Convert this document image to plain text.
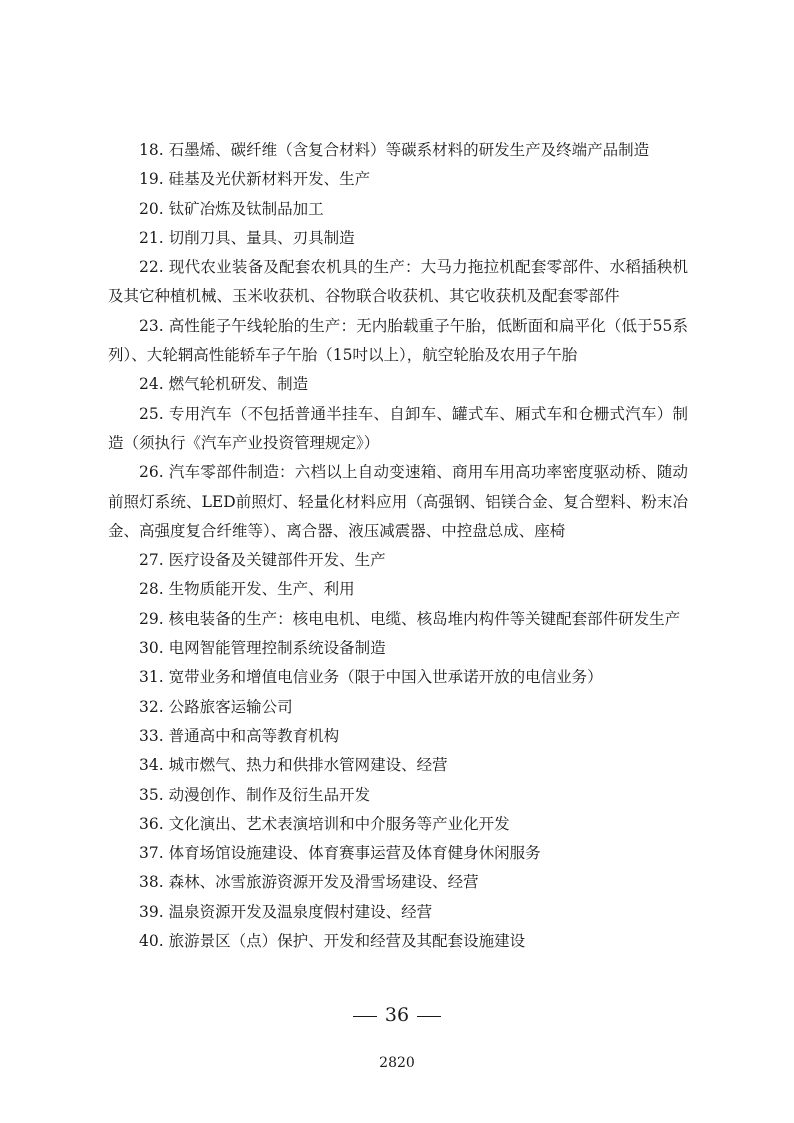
18. 石墨烯、碳纤维（含复合材料）等碳系材料的研发生产及终端产品制造

19. 硅基及光伏新材料开发、生产

20. 钛矿冶炼及钛制品加工

21. 切削刀具、量具、刃具制造

22. 现代农业装备及配套农机具的生产：大马力拖拉机配套零部件、水稻插秧机及其它种植机械、玉米收获机、谷物联合收获机、其它收获机及配套零部件

23. 高性能子午线轮胎的生产：无内胎载重子午胎，低断面和扁平化（低于55系列）、大轮辋高性能轿车子午胎（15吋以上），航空轮胎及农用子午胎

24. 燃气轮机研发、制造

25. 专用汽车（不包括普通半挂车、自卸车、罐式车、厢式车和仓栅式汽车）制造（须执行《汽车产业投资管理规定》）

26. 汽车零部件制造：六档以上自动变速箱、商用车用高功率密度驱动桥、随动前照灯系统、LED前照灯、轻量化材料应用（高强钢、铝镁合金、复合塑料、粉末冶金、高强度复合纤维等）、离合器、液压减震器、中控盘总成、座椅

27. 医疗设备及关键部件开发、生产

28. 生物质能开发、生产、利用

29. 核电装备的生产：核电电机、电缆、核岛堆内构件等关键配套部件研发生产

30. 电网智能管理控制系统设备制造

31. 宽带业务和增值电信业务（限于中国入世承诺开放的电信业务）

32. 公路旅客运输公司

33. 普通高中和高等教育机构

34. 城市燃气、热力和供排水管网建设、经营

35. 动漫创作、制作及衍生品开发

36. 文化演出、艺术表演培训和中介服务等产业化开发

37. 体育场馆设施建设、体育赛事运营及体育健身休闲服务

38. 森林、冰雪旅游资源开发及滑雪场建设、经营

39. 温泉资源开发及温泉度假村建设、经营

40. 旅游景区（点）保护、开发和经营及其配套设施建设

36
2820
